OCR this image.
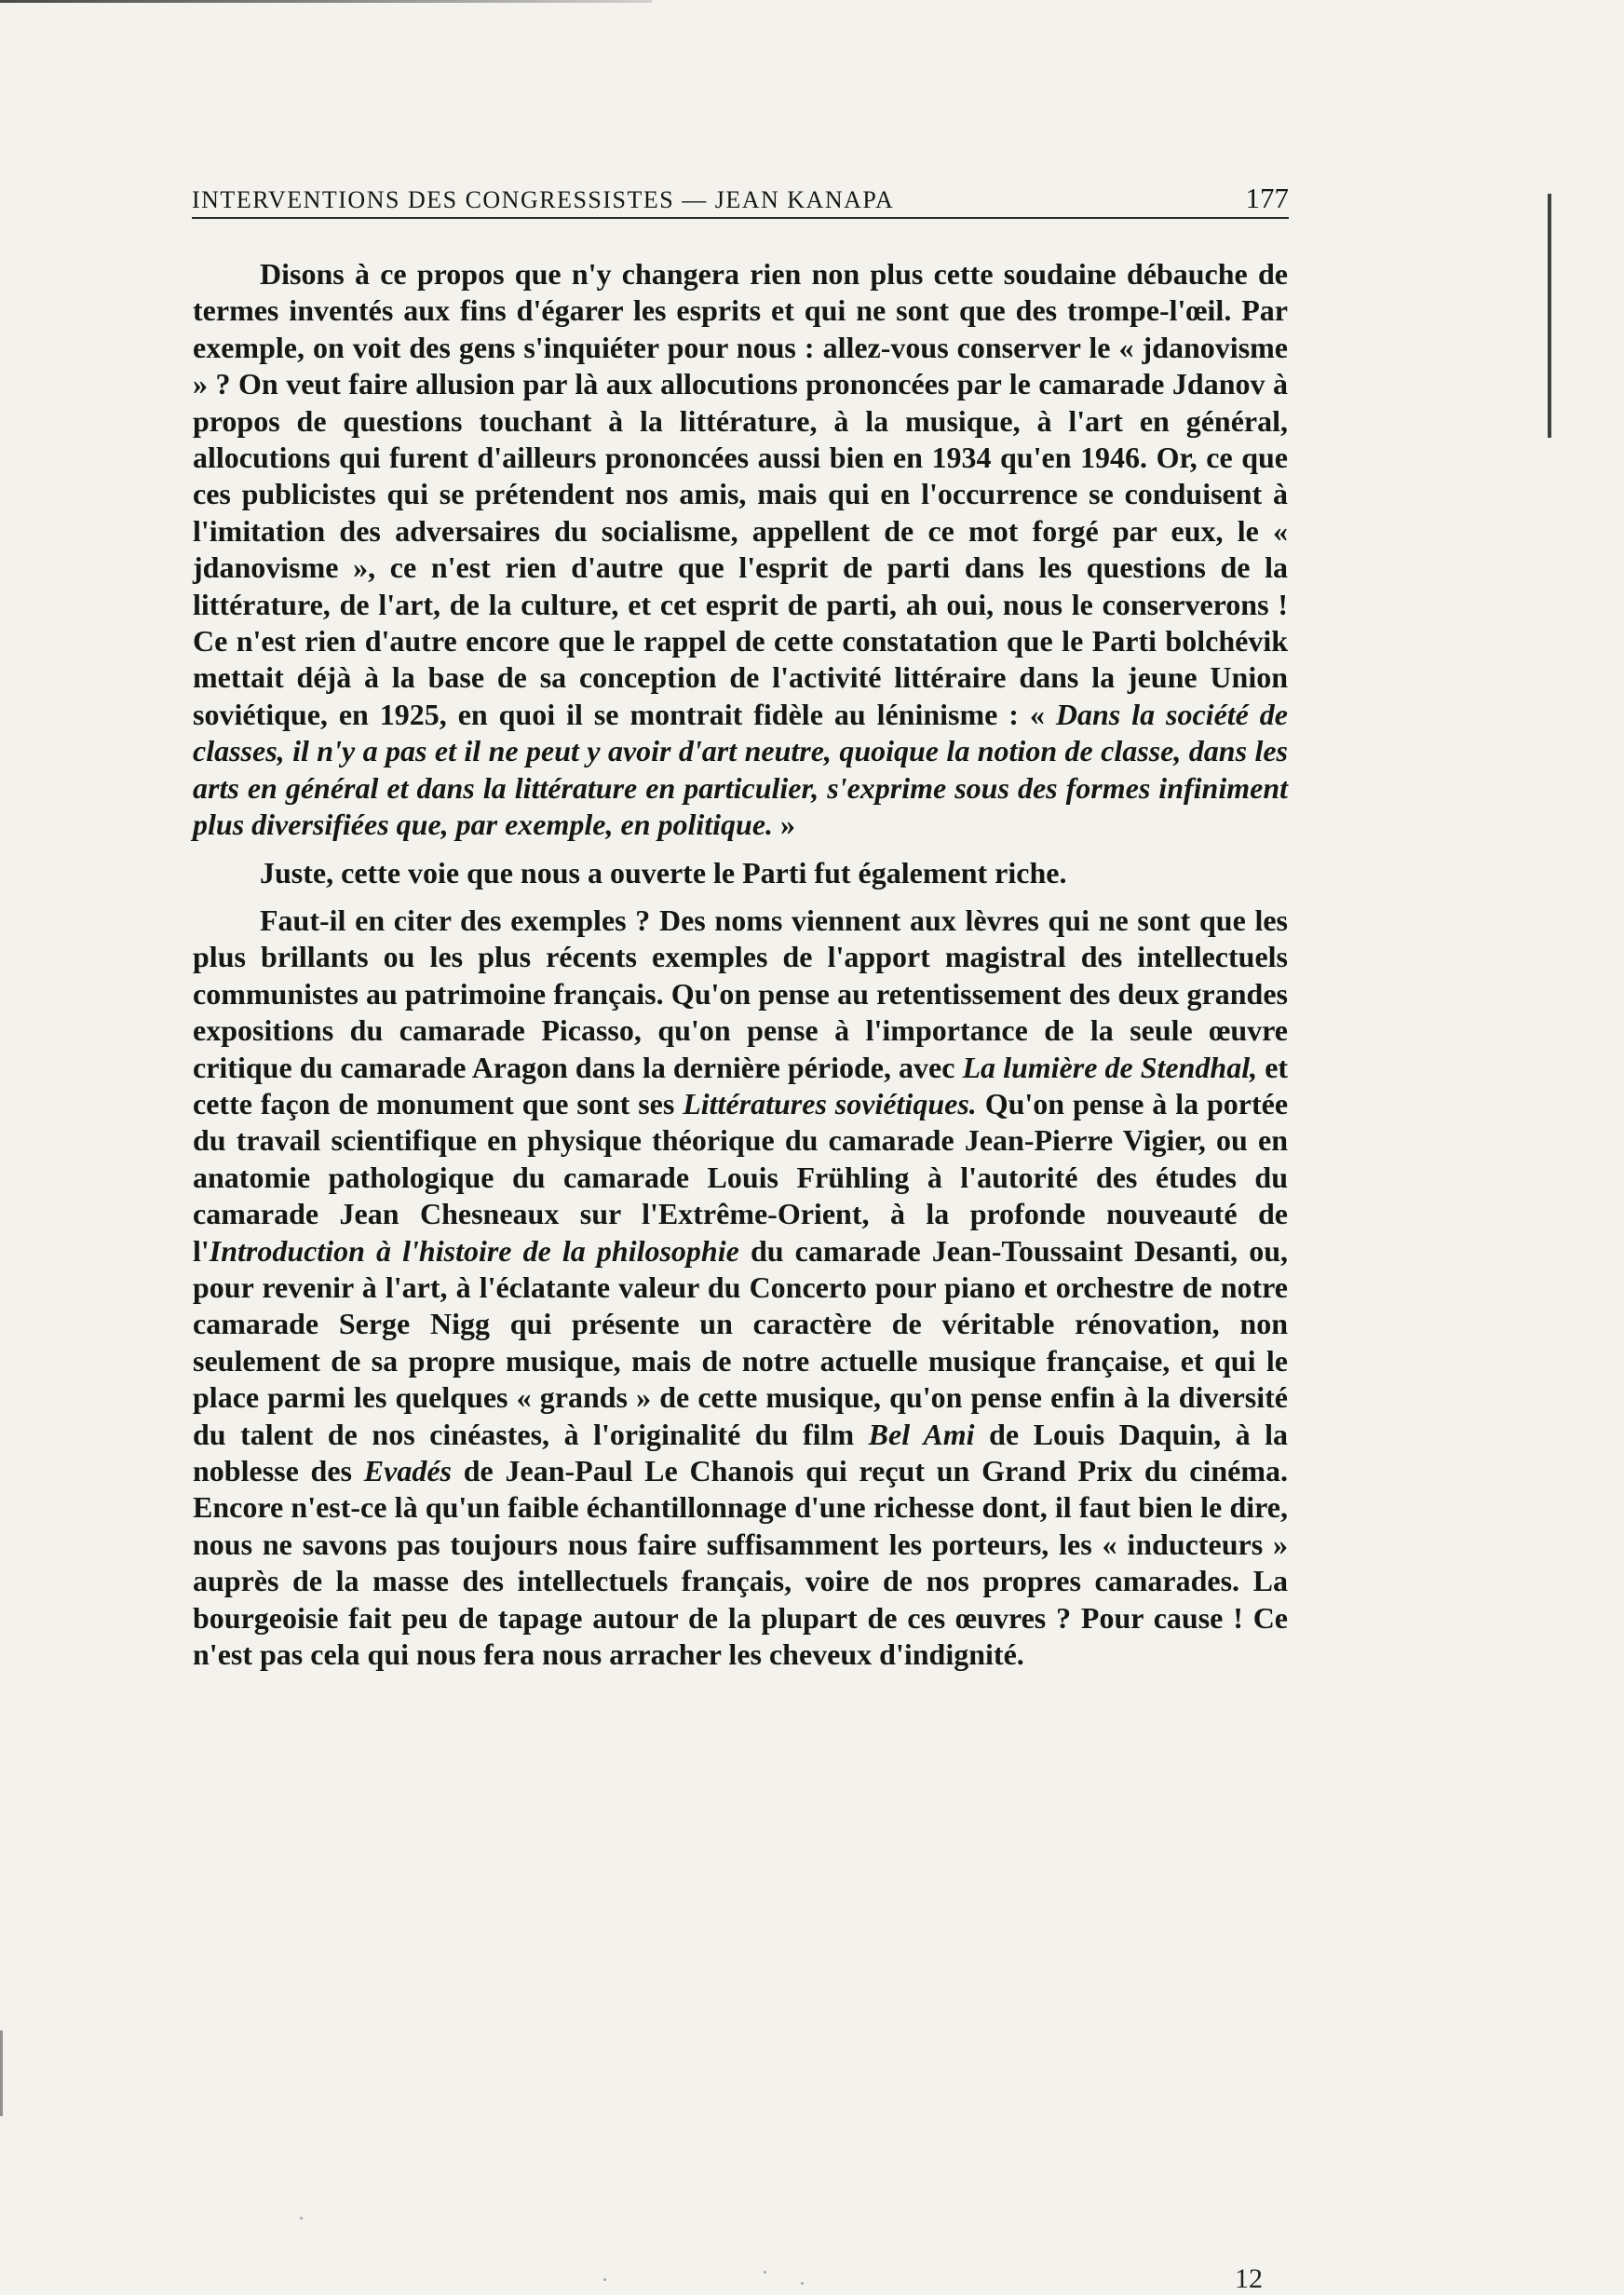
INTERVENTIONS DES CONGRESSISTES — JEAN KANAPA	177

Disons à ce propos que n'y changera rien non plus cette soudaine débauche de termes inventés aux fins d'égarer les esprits et qui ne sont que des trompe-l'œil. Par exemple, on voit des gens s'inquiéter pour nous : allez-vous conserver le « jdanovisme » ? On veut faire allusion par là aux allocutions prononcées par le camarade Jdanov à propos de questions touchant à la littérature, à la musique, à l'art en général, allocutions qui furent d'ailleurs prononcées aussi bien en 1934 qu'en 1946. Or, ce que ces publicistes qui se prétendent nos amis, mais qui en l'occurrence se conduisent à l'imitation des adversaires du socialisme, appellent de ce mot forgé par eux, le « jdanovisme », ce n'est rien d'autre que l'esprit de parti dans les questions de la littérature, de l'art, de la culture, et cet esprit de parti, ah oui, nous le conserverons ! Ce n'est rien d'autre encore que le rappel de cette constatation que le Parti bolchévik mettait déjà à la base de sa conception de l'activité littéraire dans la jeune Union soviétique, en 1925, en quoi il se montrait fidèle au léninisme : « Dans la société de classes, il n'y a pas et il ne peut y avoir d'art neutre, quoique la notion de classe, dans les arts en général et dans la littérature en particulier, s'exprime sous des formes infiniment plus diversifiées que, par exemple, en politique. »

Juste, cette voie que nous a ouverte le Parti fut également riche.

Faut-il en citer des exemples ? Des noms viennent aux lèvres qui ne sont que les plus brillants ou les plus récents exemples de l'apport magistral des intellectuels communistes au patrimoine français. Qu'on pense au retentissement des deux grandes expositions du camarade Picasso, qu'on pense à l'importance de la seule œuvre critique du camarade Aragon dans la dernière période, avec La lumière de Stendhal, et cette façon de monument que sont ses Littératures soviétiques. Qu'on pense à la portée du travail scientifique en physique théorique du camarade Jean-Pierre Vigier, ou en anatomie pathologique du camarade Louis Frühling à l'autorité des études du camarade Jean Chesneaux sur l'Extrême-Orient, à la profonde nouveauté de l'Introduction à l'histoire de la philosophie du camarade Jean-Toussaint Desanti, ou, pour revenir à l'art, à l'éclatante valeur du Concerto pour piano et orchestre de notre camarade Serge Nigg qui présente un caractère de véritable rénovation, non seulement de sa propre musique, mais de notre actuelle musique française, et qui le place parmi les quelques « grands » de cette musique, qu'on pense enfin à la diversité du talent de nos cinéastes, à l'originalité du film Bel Ami de Louis Daquin, à la noblesse des Evadés de Jean-Paul Le Chanois qui reçut un Grand Prix du cinéma. Encore n'est-ce là qu'un faible échantillonnage d'une richesse dont, il faut bien le dire, nous ne savons pas toujours nous faire suffisamment les porteurs, les « inducteurs » auprès de la masse des intellectuels français, voire de nos propres camarades. La bourgeoisie fait peu de tapage autour de la plupart de ces œuvres ? Pour cause ! Ce n'est pas cela qui nous fera nous arracher les cheveux d'indignité.

12
